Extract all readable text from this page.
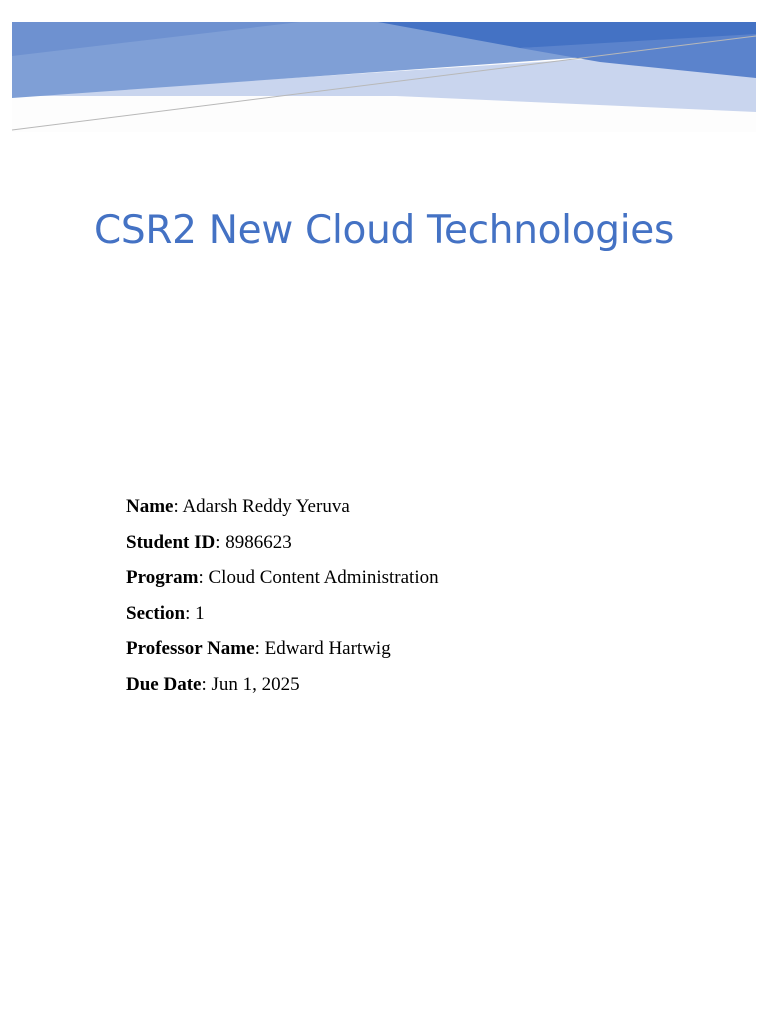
CSR2 New Cloud Technologies
Name: Adarsh Reddy Yeruva
Student ID: 8986623
Program: Cloud Content Administration
Section: 1
Professor Name: Edward Hartwig
Due Date: Jun 1, 2025
